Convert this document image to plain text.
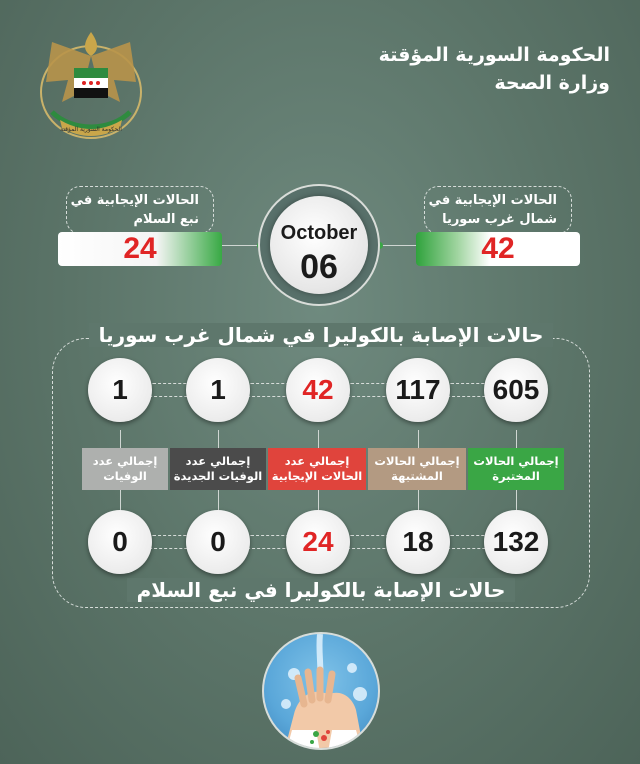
الحكومة السورية المؤقتة
الحكومة السورية المؤقتة
وزارة الصحة
October
06
الحالات الإيجابية في
نبع السلام
24
الحالات الإيجابية في
شمال غرب سوريا
42
حالات الإصابة بالكوليرا في شمال غرب سوريا
حالات الإصابة بالكوليرا في نبع السلام
605
117
42
1
1
إجمالي الحالات
المختبرة
إجمالي الحالات
المشتبهة
إجمالي عدد
الحالات الإيجابية
إجمالي عدد
الوفيات الجديدة
إجمالي عدد
الوفيات
132
18
24
0
0
